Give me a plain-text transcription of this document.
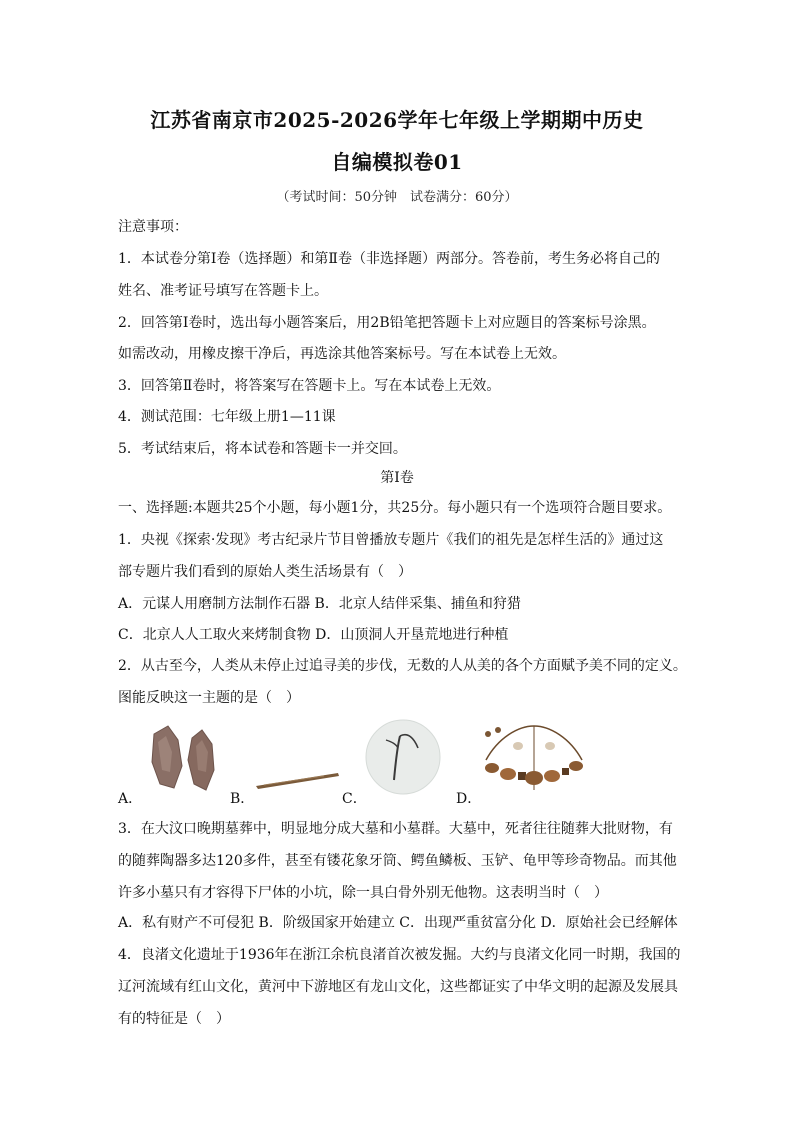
江苏省南京市2025-2026学年七年级上学期期中历史
自编模拟卷01
（考试时间：50分钟　试卷满分：60分）
注意事项：
1．本试卷分第Ⅰ卷（选择题）和第Ⅱ卷（非选择题）两部分。答卷前，考生务必将自己的
姓名、准考证号填写在答题卡上。
2．回答第Ⅰ卷时，选出每小题答案后，用2B铅笔把答题卡上对应题目的答案标号涂黑。
如需改动，用橡皮擦干净后，再选涂其他答案标号。写在本试卷上无效。
3．回答第Ⅱ卷时，将答案写在答题卡上。写在本试卷上无效。
4．测试范围：七年级上册1—11课
5．考试结束后，将本试卷和答题卡一并交回。
第Ⅰ卷
一、选择题:本题共25个小题，每小题1分，共25分。每小题只有一个选项符合题目要求。
1．央视《探索·发现》考古纪录片节目曾播放专题片《我们的祖先是怎样生活的》通过这
部专题片我们看到的原始人类生活场景有（　）
A．元谋人用磨制方法制作石器 B．北京人结伴采集、捕鱼和狩猎
C．北京人人工取火来烤制食物 D．山顶洞人开垦荒地进行种植
2．从古至今，人类从未停止过追寻美的步伐，无数的人从美的各个方面赋予美不同的定义。
图能反映这一主题的是（　）
A．	B．	C．	D．
3．在大汶口晚期墓葬中，明显地分成大墓和小墓群。大墓中，死者往往随葬大批财物，有
的随葬陶器多达120多件，甚至有镂花象牙筒、鳄鱼鳞板、玉铲、龟甲等珍奇物品。而其他
许多小墓只有才容得下尸体的小坑，除一具白骨外别无他物。这表明当时（　）
A．私有财产不可侵犯 B．阶级国家开始建立 C．出现严重贫富分化 D．原始社会已经解体
4．良渚文化遗址于1936年在浙江余杭良渚首次被发掘。大约与良渚文化同一时期，我国的
辽河流域有红山文化，黄河中下游地区有龙山文化，这些都证实了中华文明的起源及发展具
有的特征是（　）
